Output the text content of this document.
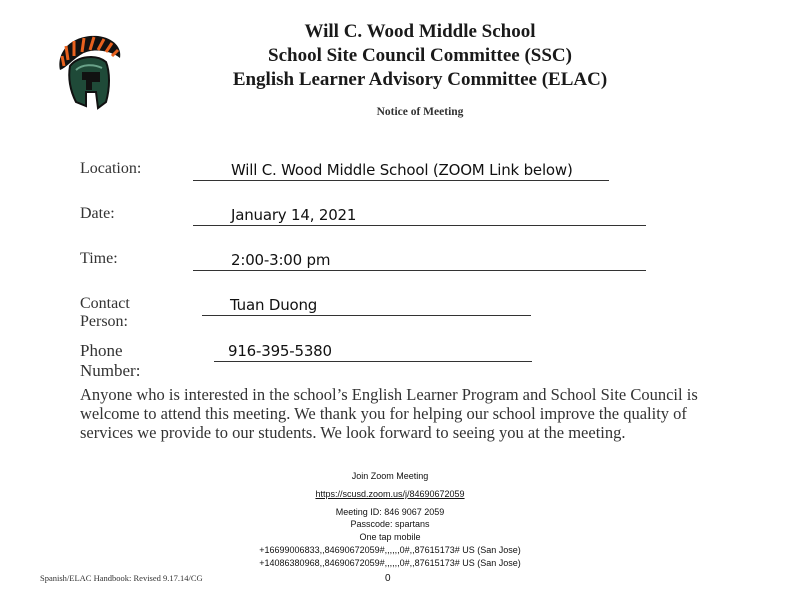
Will C. Wood Middle School
School Site Council Committee (SSC)
English Learner Advisory Committee (ELAC)
Notice of Meeting
Location:	Will C. Wood Middle School (ZOOM Link below)
Date:	January 14, 2021
Time:	2:00-3:00 pm
Contact Person:
Tuan Duong
Phone Number:
916-395-5380
Anyone who is interested in the school’s English Learner Program and School Site Council is welcome to attend this meeting. We thank you for helping our school improve the quality of services we provide to our students. We look forward to seeing you at the meeting.
Join Zoom Meeting
https://scusd.zoom.us/j/84690672059
Meeting ID: 846 9067 2059
Passcode: spartans
One tap mobile
+16699006833,,84690672059#,,,,,,0#,,87615173# US (San Jose)
+14086380968,,84690672059#,,,,,,0#,,87615173# US (San Jose)
Spanish/ELAC Handbook: Revised 9.17.14/CG	0
